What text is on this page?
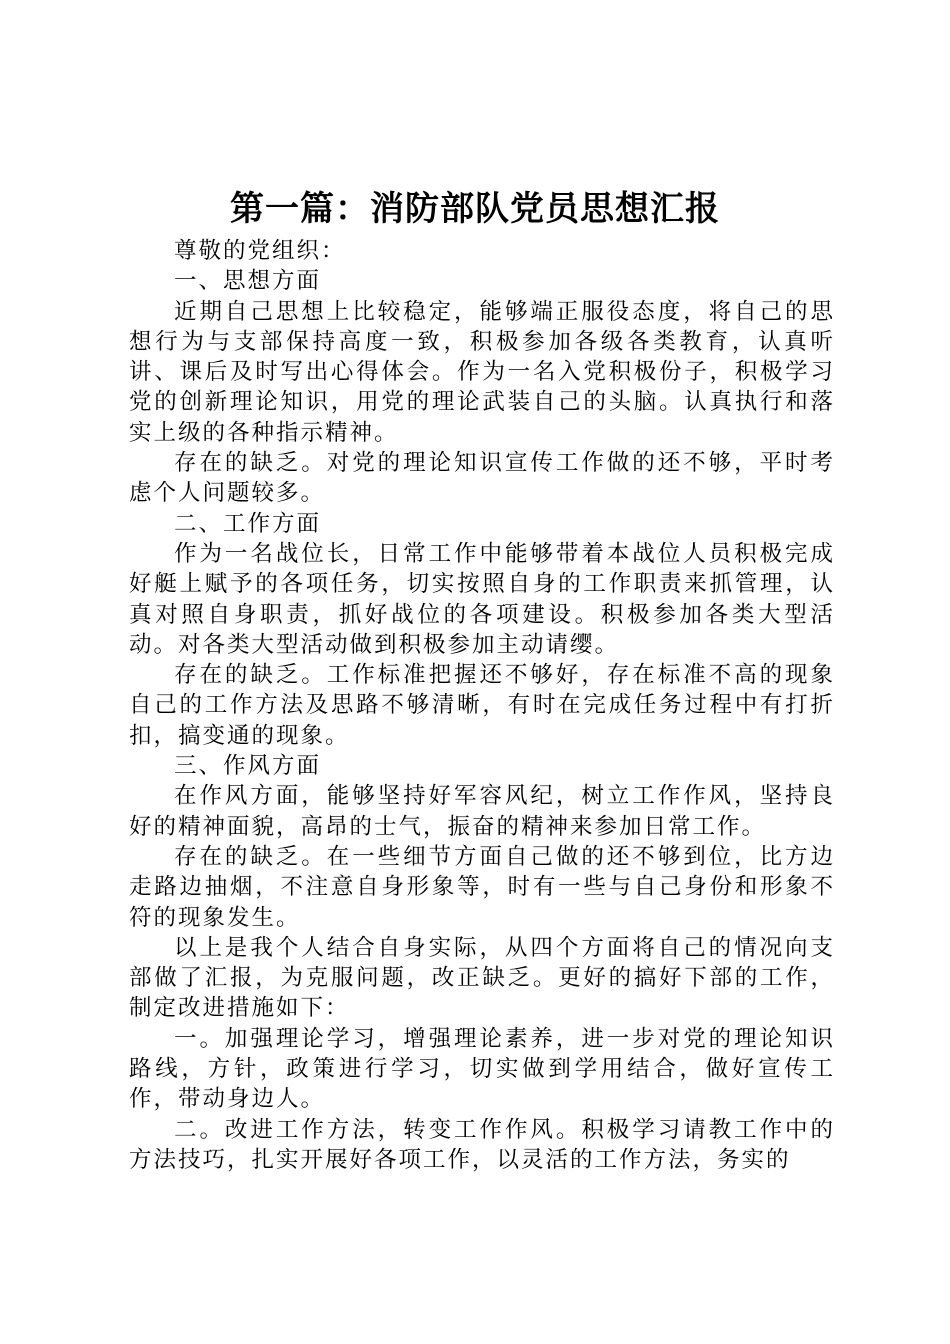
第一篇：消防部队党员思想汇报

尊敬的党组织：

一、思想方面

近期自己思想上比较稳定，能够端正服役态度，将自己的思想行为与支部保持高度一致，积极参加各级各类教育，认真听讲、课后及时写出心得体会。作为一名入党积极份子，积极学习党的创新理论知识，用党的理论武装自己的头脑。认真执行和落实上级的各种指示精神。

存在的缺乏。对党的理论知识宣传工作做的还不够，平时考虑个人问题较多。

二、工作方面

作为一名战位长，日常工作中能够带着本战位人员积极完成好艇上赋予的各项任务，切实按照自身的工作职责来抓管理，认真对照自身职责，抓好战位的各项建设。积极参加各类大型活动。对各类大型活动做到积极参加主动请缨。

存在的缺乏。工作标准把握还不够好，存在标准不高的现象自己的工作方法及思路不够清晰，有时在完成任务过程中有打折扣，搞变通的现象。

三、作风方面

在作风方面，能够坚持好军容风纪，树立工作作风，坚持良好的精神面貌，高昂的士气，振奋的精神来参加日常工作。

存在的缺乏。在一些细节方面自己做的还不够到位，比方边走路边抽烟，不注意自身形象等，时有一些与自己身份和形象不符的现象发生。

以上是我个人结合自身实际，从四个方面将自己的情况向支部做了汇报，为克服问题，改正缺乏。更好的搞好下部的工作，制定改进措施如下：

一。加强理论学习，增强理论素养，进一步对党的理论知识路线，方针，政策进行学习，切实做到学用结合，做好宣传工作，带动身边人。

二。改进工作方法，转变工作作风。积极学习请教工作中的方法技巧，扎实开展好各项工作，以灵活的工作方法，务实的
